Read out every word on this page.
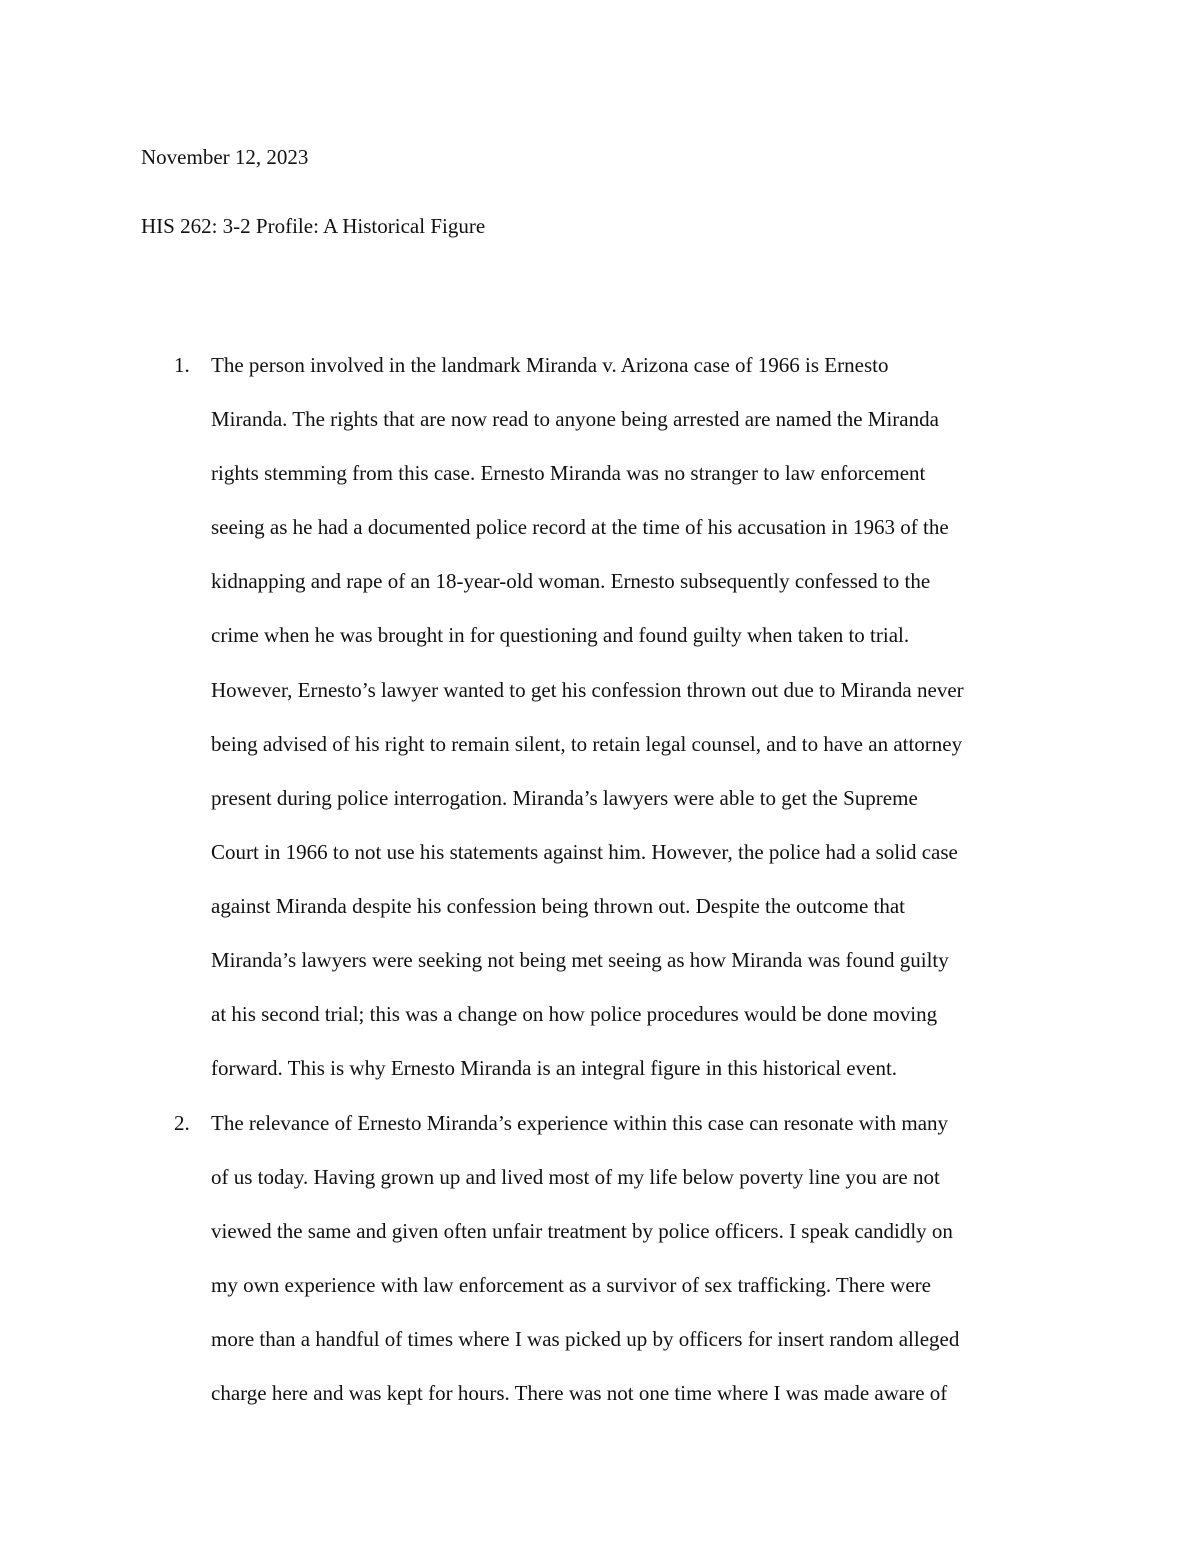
November 12, 2023
HIS 262: 3-2 Profile: A Historical Figure
1. The person involved in the landmark Miranda v. Arizona case of 1966 is Ernesto
Miranda. The rights that are now read to anyone being arrested are named the Miranda
rights stemming from this case. Ernesto Miranda was no stranger to law enforcement
seeing as he had a documented police record at the time of his accusation in 1963 of the
kidnapping and rape of an 18-year-old woman. Ernesto subsequently confessed to the
crime when he was brought in for questioning and found guilty when taken to trial.
However, Ernesto’s lawyer wanted to get his confession thrown out due to Miranda never
being advised of his right to remain silent, to retain legal counsel, and to have an attorney
present during police interrogation. Miranda’s lawyers were able to get the Supreme
Court in 1966 to not use his statements against him. However, the police had a solid case
against Miranda despite his confession being thrown out. Despite the outcome that
Miranda’s lawyers were seeking not being met seeing as how Miranda was found guilty
at his second trial; this was a change on how police procedures would be done moving
forward. This is why Ernesto Miranda is an integral figure in this historical event.
2. The relevance of Ernesto Miranda’s experience within this case can resonate with many
of us today. Having grown up and lived most of my life below poverty line you are not
viewed the same and given often unfair treatment by police officers. I speak candidly on
my own experience with law enforcement as a survivor of sex trafficking. There were
more than a handful of times where I was picked up by officers for insert random alleged
charge here and was kept for hours. There was not one time where I was made aware of
